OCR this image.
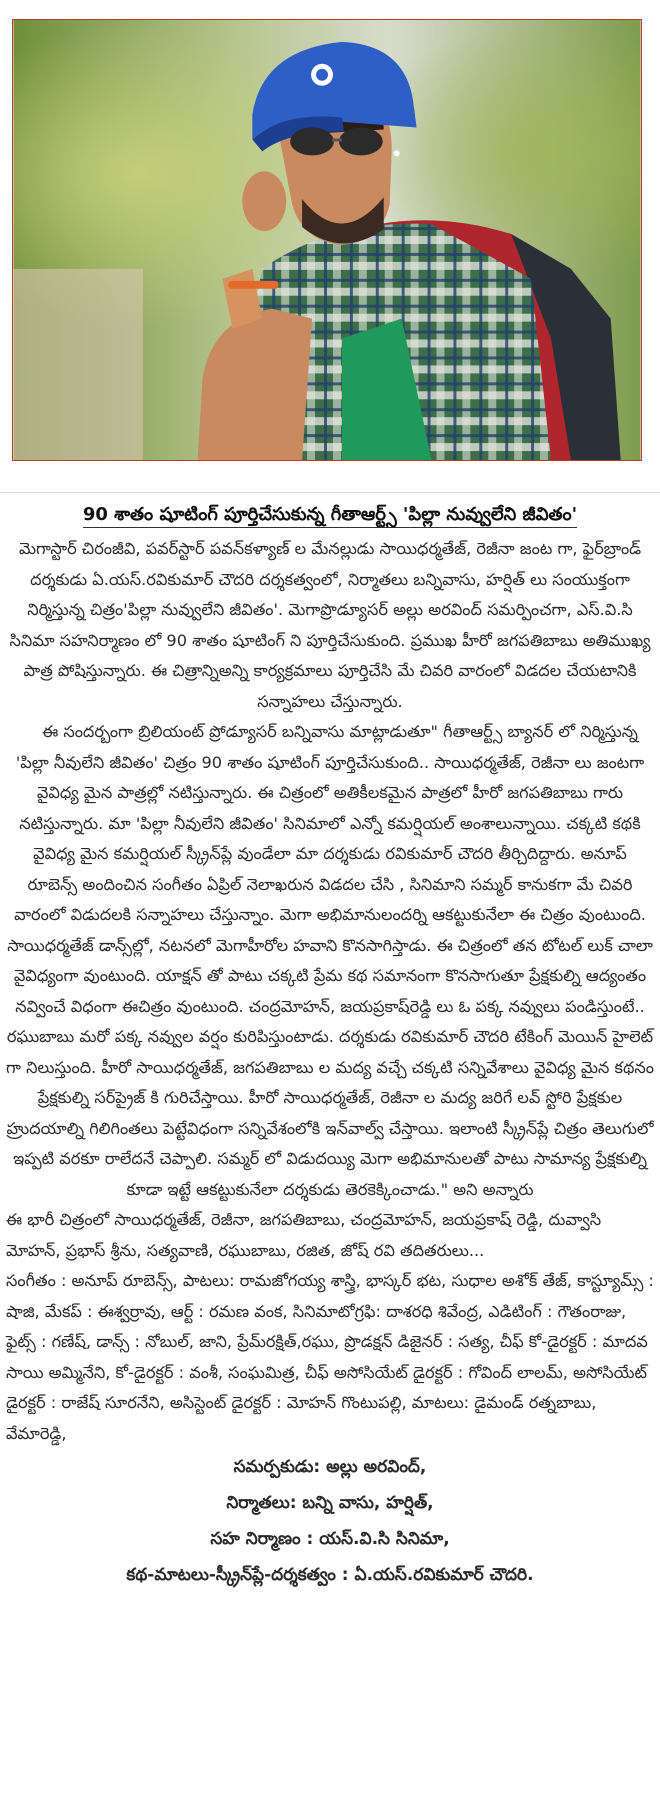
90 శాతం షూటింగ్ పూర్తిచేసుకున్న గీతాఆర్ట్స్ 'పిల్లా నువ్వులేని జీవితం'

మెగాస్టార్ చిరంజీవి, పవర్‌స్టార్ పవన్‌కళ్యాణ్ ల మేనల్లుడు సాయిధర్మతేజ్, రెజీనా జంట గా, ఫైర్‌బ్రాండ్ దర్శకుడు ఏ.యస్.రవికుమార్ చౌదరి దర్శకత్వంలో, నిర్మాతలు బన్నివాసు, హర్షిత్ లు సంయుక్తంగా నిర్మిస్తున్న చిత్రం'పిల్లా నువ్వులేని జీవితం'. మెగాప్రొడ్యూసర్ అల్లు అరవింద్ సమర్పించగా, ఎస్.వి.సి సినిమా సహనిర్మాణం లో 90 శాతం షూటింగ్ ని పూర్తిచేసుకుంది. ప్రముఖ హీరో జగపతిబాబు అతిముఖ్య పాత్ర పోషిస్తున్నారు. ఈ చిత్రాన్నిఅన్ని కార్యక్రమాలు పూర్తిచేసి మే చివరి వారంలో విడదల చేయటానికి సన్నాహలు చేస్తున్నారు.

ఈ సందర్బంగా బ్రిలియంట్ ప్రోడ్యూసర్ బన్నివాసు మాట్లాడుతూ" గీతాఆర్ట్స్ బ్యానర్ లో నిర్మిస్తున్న 'పిల్లా నీవులేని జీవితం' చిత్రం 90 శాతం షూటింగ్ పూర్తిచేసుకుంది.. సాయిధర్మతేజ్, రెజీనా లు జంటగా వైవిధ్య మైన పాత్రల్లో నటిస్తున్నారు. ఈ చిత్రంలో అతికీలకమైన పాత్రలో హీరో జగపతిబాబు గారు నటిస్తున్నారు. మా 'పిల్లా నీవులేని జీవితం' సినిమాలో ఎన్నో కమర్షియల్ అంశాలున్నాయి. చక్కటి కథకి వైవిధ్య మైన కమర్షియల్ స్క్రీన్‌ప్లే వుండేలా మా దర్శకుడు రవికుమార్ చౌదరి తీర్చిదిద్దారు. అనూప్ రూబెన్స్ అందించిన సంగీతం ఏప్రిల్ నెలాఖరున విడదల చేసి , సినిమాని సమ్మర్ కానుకగా మే చివరి వారంలో విడుదలకి సన్నాహలు చేస్తున్నాం. మెగా అభిమానులందర్ని ఆకట్టుకునేలా ఈ చిత్రం వుంటుంది. సాయిధర్మతేజ్ డాన్స్‌ల్లో, నటనలో మెగాహీరోల హవాని కొనసాగిస్తాడు. ఈ చిత్రంలో తన టోటల్ లుక్ చాలా వైవిధ్యంగా వుంటుంది. యాక్షన్ తో పాటు చక్కటి ప్రేమ కథ సమానంగా కొనసాగుతూ ప్రేక్షకుల్ని ఆద్యంతం నవ్వించే విధంగా ఈచిత్రం వుంటుంది. చంద్రమోహన్, జయప్రకాష్‌రెడ్డి లు ఓ పక్క నవ్వులు పండిస్తుంటే.. రఘుబాబు మరో పక్క నవ్వుల వర్షం కురిపిస్తుంటాడు. దర్శకుడు రవికుమార్ చౌదరి టేకింగ్ మెయిన్ హైలెట్ గా నిలుస్తుంది. హీరో సాయిధర్మతేజ్, జగపతిబాబు ల మద్య వచ్చే చక్కటి సన్నివేశాలు వైవిధ్య మైన కథనం ప్రేక్షకుల్ని సర్‌ప్రైజ్ కి గురిచేస్తాయి. హీరో సాయిధర్మతేజ్, రెజీనా ల మద్య జరిగే లవ్ స్టోరి ప్రేక్షకుల హ్రుదయాల్ని గిలిగింతలు పెట్టేవిధంగా సన్నివేశంలోకి ఇన్‌వాల్వ్ చేస్తాయి. ఇలాంటి స్క్రీన్‌ప్లే చిత్రం తెలుగులో ఇప్పటి వరకూ రాలేదనే చెప్పాలి. సమ్మర్ లో విడుదయ్యి మెగా అభిమానులతో పాటు సామాన్య ప్రేక్షకుల్ని కూడా ఇట్టే ఆకట్టుకునేలా దర్శకుడు తెరకెక్కించాడు." అని అన్నారు

ఈ భారీ చిత్రంలో సాయిధర్మతేజ్, రెజీనా, జగపతిబాబు, చంద్రమోహన్, జయప్రకాష్ రెడ్డి, దువ్వాసి మోహన్, ప్రభాస్ శ్రీను, సత్యవాణి, రఘుబాబు, రజిత, జోష్ రవి తదితరులు...

సంగీతం : అనూప్ రూబెన్స్, పాటలు: రామజోగయ్య శాస్త్రి, భాస్కర్ భట, సుధాల అశోక్ తేజ్, కాస్ట్యూమ్స్ : షాజి, మేకప్ : ఈశ్వర్రావు, ఆర్ట్ : రమణ వంక, సినిమాటోగ్రఫి: దాశరధి శివేంద్ర, ఎడిటింగ్ : గౌతంరాజు, ఫైట్స్ : గణేష్, డాన్స్ : నోబుల్, జాని, ప్రేమ్‌రక్షిత్,రఘు, ప్రొడక్షన్ డిజైనర్ : సత్య, చీఫ్ కో-డైరక్టర్ : మాదవ సాయి అమ్మినేని, కో-డైరక్టర్ : వంశీ, సంఘమిత్ర, చీఫ్ అసోసియేట్ డైరక్టర్ : గోవింద్ లాలమ్, అసోసియేట్ డైరక్టర్ : రాజేష్ సూరనేని, అసిస్టెంట్ డైరక్టర్ : మోహన్ గొంటుపల్లి, మాటలు: డైమండ్ రత్నబాబు, వేమారెడ్డి,

సమర్పకుడు: అల్లు అరవింద్,

నిర్మాతలు: బన్ని వాసు, హర్షిత్,

సహ నిర్మాణం : యస్.వి.సి సినిమా,

కథ-మాటలు-స్క్రీన్‌ప్లే-దర్శకత్వం : ఏ.యస్.రవికుమార్ చౌదరి.
